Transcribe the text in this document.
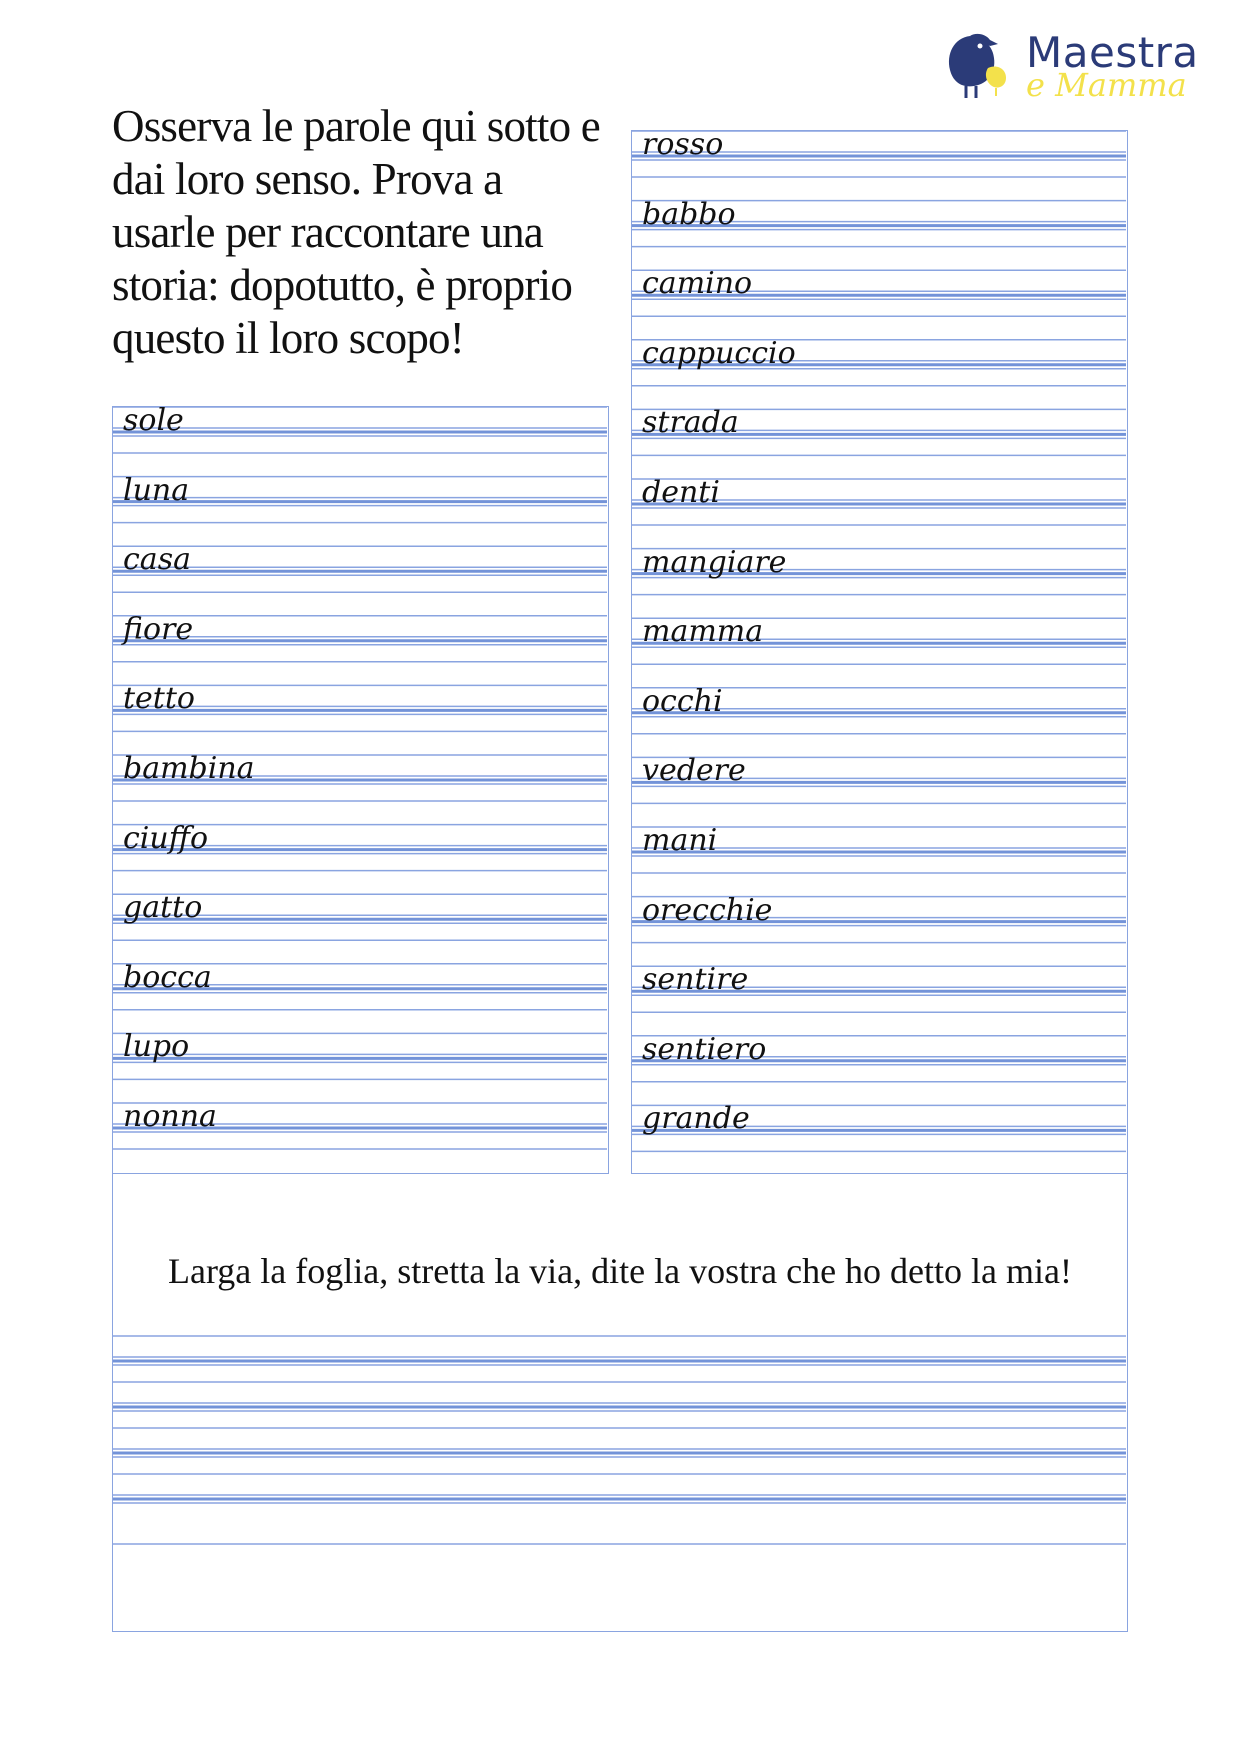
Maestra
e Mamma
Osserva le parole qui sotto e dai loro senso. Prova a usarle per raccontare una storia: dopotutto, è proprio questo il loro scopo!
sole
luna
casa
fiore
tetto
bambina
ciuffo
gatto
bocca
lupo
nonna
rosso
babbo
camino
cappuccio
strada
denti
mangiare
mamma
occhi
vedere
mani
orecchie
sentire
sentiero
grande
Larga la foglia, stretta la via, dite la vostra che ho detto la mia!
